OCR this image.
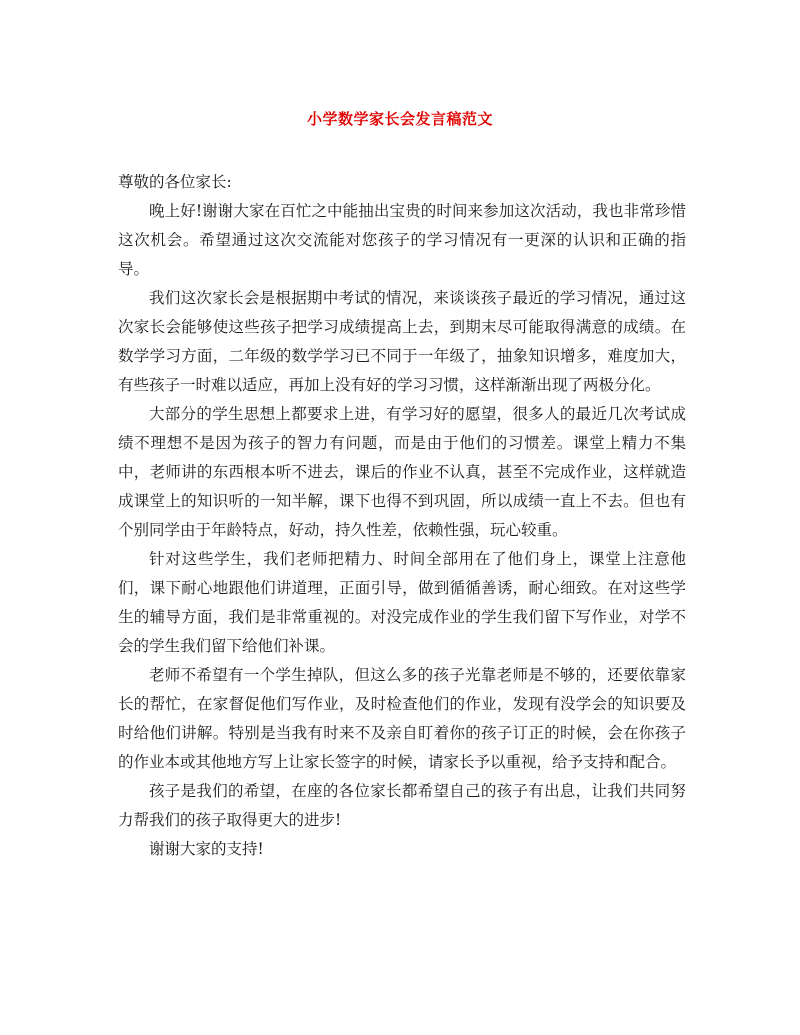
小学数学家长会发言稿范文

尊敬的各位家长:

晚上好!谢谢大家在百忙之中能抽出宝贵的时间来参加这次活动，我也非常珍惜这次机会。希望通过这次交流能对您孩子的学习情况有一更深的认识和正确的指导。

我们这次家长会是根据期中考试的情况，来谈谈孩子最近的学习情况，通过这次家长会能够使这些孩子把学习成绩提高上去，到期末尽可能取得满意的成绩。在数学学习方面，二年级的数学学习已不同于一年级了，抽象知识增多，难度加大，有些孩子一时难以适应，再加上没有好的学习习惯，这样渐渐出现了两极分化。

大部分的学生思想上都要求上进，有学习好的愿望，很多人的最近几次考试成绩不理想不是因为孩子的智力有问题，而是由于他们的习惯差。课堂上精力不集中，老师讲的东西根本听不进去，课后的作业不认真，甚至不完成作业，这样就造成课堂上的知识听的一知半解，课下也得不到巩固，所以成绩一直上不去。但也有个别同学由于年龄特点，好动，持久性差，依赖性强，玩心较重。

针对这些学生，我们老师把精力、时间全部用在了他们身上，课堂上注意他们，课下耐心地跟他们讲道理，正面引导，做到循循善诱，耐心细致。在对这些学生的辅导方面，我们是非常重视的。对没完成作业的学生我们留下写作业，对学不会的学生我们留下给他们补课。

老师不希望有一个学生掉队，但这么多的孩子光靠老师是不够的，还要依靠家长的帮忙，在家督促他们写作业，及时检查他们的作业，发现有没学会的知识要及时给他们讲解。特别是当我有时来不及亲自盯着你的孩子订正的时候，会在你孩子的作业本或其他地方写上让家长签字的时候，请家长予以重视，给予支持和配合。

孩子是我们的希望，在座的各位家长都希望自己的孩子有出息，让我们共同努力帮我们的孩子取得更大的进步!

谢谢大家的支持!
